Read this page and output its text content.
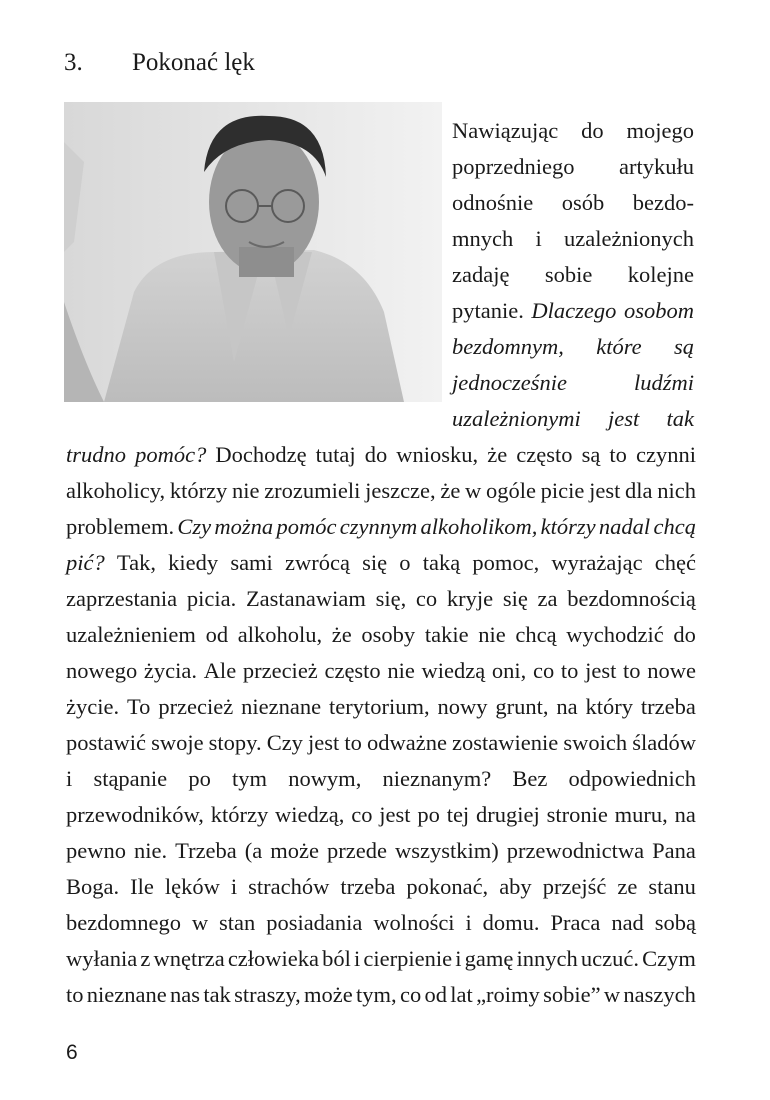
3. Pokonać lęk
Nawiązując do mojego
poprzedniego artykułu
odnośnie osób bezdo-
mnych i uzależnionych
zadaję sobie kolejne
pytanie. Dlaczego osobom
bezdomnym, które są
jednocześnie	ludźmi
uzależnionymi jest tak
trudno pomóc? Dochodzę tutaj do wniosku, że często są to czynni
alkoholicy, którzy nie zrozumieli jeszcze, że w ogóle picie jest dla nich
problemem. Czy można pomóc czynnym alkoholikom, którzy nadal chcą
pić? Tak, kiedy sami zwrócą się o taką pomoc, wyrażając chęć
zaprzestania picia. Zastanawiam się, co kryje się za bezdomnością
uzależnieniem od alkoholu, że osoby takie nie chcą wychodzić do
nowego życia. Ale przecież często nie wiedzą oni, co to jest to nowe
życie. To przecież nieznane terytorium, nowy grunt, na który trzeba
postawić swoje stopy. Czy jest to odważne zostawienie swoich śladów
i stąpanie po tym nowym, nieznanym? Bez odpowiednich
przewodników, którzy wiedzą, co jest po tej drugiej stronie muru, na
pewno nie. Trzeba (a może przede wszystkim) przewodnictwa Pana
Boga. Ile lęków i strachów trzeba pokonać, aby przejść ze stanu
bezdomnego w stan posiadania wolności i domu. Praca nad sobą
wyłania z wnętrza człowieka ból i cierpienie i gamę innych uczuć. Czym
to nieznane nas tak straszy, może tym, co od lat „roimy sobie” w naszych
6
